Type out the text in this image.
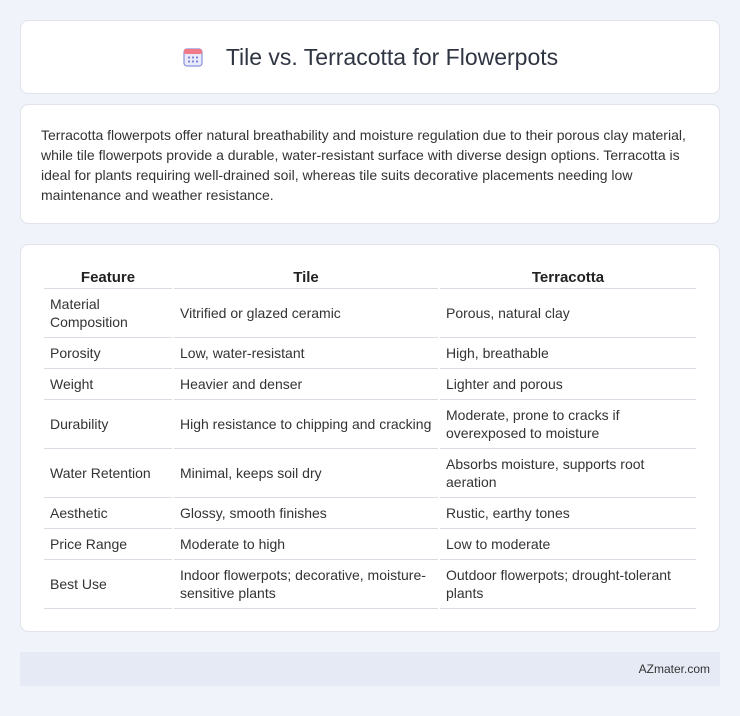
Tile vs. Terracotta for Flowerpots

Terracotta flowerpots offer natural breathability and moisture regulation due to their porous clay material, while tile flowerpots provide a durable, water-resistant surface with diverse design options. Terracotta is ideal for plants requiring well-drained soil, whereas tile suits decorative placements needing low maintenance and weather resistance.

Feature	Tile	Terracotta
Material Composition	Vitrified or glazed ceramic	Porous, natural clay
Porosity	Low, water-resistant	High, breathable
Weight	Heavier and denser	Lighter and porous
Durability	High resistance to chipping and cracking	Moderate, prone to cracks if overexposed to moisture
Water Retention	Minimal, keeps soil dry	Absorbs moisture, supports root aeration
Aesthetic	Glossy, smooth finishes	Rustic, earthy tones
Price Range	Moderate to high	Low to moderate
Best Use	Indoor flowerpots; decorative, moisture-sensitive plants	Outdoor flowerpots; drought-tolerant plants
AZmater.com
